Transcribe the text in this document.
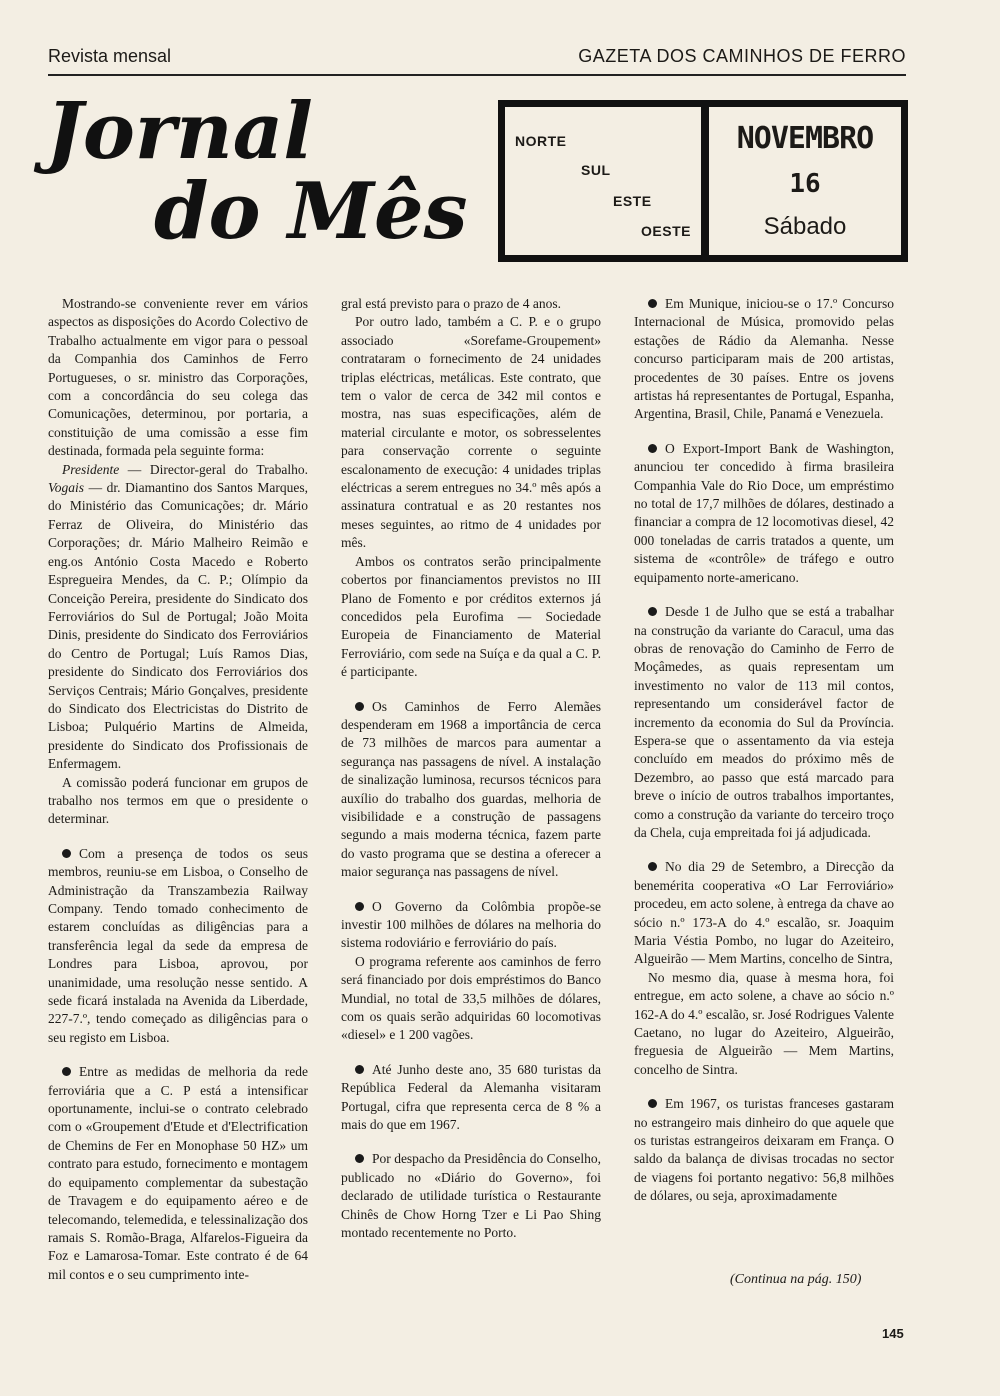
Revista mensal	GAZETA DOS CAMINHOS DE FERRO
Jornal
do Mês
NORTE
SUL
ESTE
OESTE
NOVEMBRO
16
Sábado

Mostrando-se conveniente rever em vários aspectos as disposições do Acordo Colectivo de Trabalho actualmente em vigor para o pessoal da Companhia dos Caminhos de Ferro Portugueses, o sr. ministro das Corporações, com a concordância do seu colega das Comunicações, determinou, por portaria, a constituição de uma comissão a esse fim destinada, formada pela seguinte forma:

Presidente — Director-geral do Trabalho. Vogais — dr. Diamantino dos Santos Marques, do Ministério das Comunicações; dr. Mário Ferraz de Oliveira, do Ministério das Corporações; dr. Mário Malheiro Reimão e eng.os António Costa Macedo e Roberto Espregueira Mendes, da C. P.; Olímpio da Conceição Pereira, presidente do Sindicato dos Ferroviários do Sul de Portugal; João Moita Dinis, presidente do Sindicato dos Ferroviários do Centro de Portugal; Luís Ramos Dias, presidente do Sindicato dos Ferroviários dos Serviços Centrais; Mário Gonçalves, presidente do Sindicato dos Electricistas do Distrito de Lisboa; Pulquério Martins de Almeida, presidente do Sindicato dos Profissionais de Enfermagem.

A comissão poderá funcionar em grupos de trabalho nos termos em que o presidente o determinar.

Com a presença de todos os seus membros, reuniu-se em Lisboa, o Conselho de Administração da Transzambezia Railway Company. Tendo tomado conhecimento de estarem concluídas as diligências para a transferência legal da sede da empresa de Londres para Lisboa, aprovou, por unanimidade, uma resolução nesse sentido. A sede ficará instalada na Avenida da Liberdade, 227-7.º, tendo começado as diligências para o seu registo em Lisboa.

Entre as medidas de melhoria da rede ferroviária que a C. P está a intensificar oportunamente, inclui-se o contrato celebrado com o «Groupement d'Etude et d'Electrification de Chemins de Fer en Monophase 50 HZ» um contrato para estudo, fornecimento e montagem do equipamento complementar da subestação de Travagem e do equipamento aéreo e de telecomando, telemedida, e telessinalização dos ramais S. Romão-Braga, Alfarelos-Figueira da Foz e Lamarosa-Tomar. Este contrato é de 64 mil contos e o seu cumprimento inte-

gral está previsto para o prazo de 4 anos.

Por outro lado, também a C. P. e o grupo associado «Sorefame-Groupement» contrataram o fornecimento de 24 unidades triplas eléctricas, metálicas. Este contrato, que tem o valor de cerca de 342 mil contos e mostra, nas suas especificações, além de material circulante e motor, os sobresselentes para conservação corrente o seguinte escalonamento de execução: 4 unidades triplas eléctricas a serem entregues no 34.º mês após a assinatura contratual e as 20 restantes nos meses seguintes, ao ritmo de 4 unidades por mês.

Ambos os contratos serão principalmente cobertos por financiamentos previstos no III Plano de Fomento e por créditos externos já concedidos pela Eurofima — Sociedade Europeia de Financiamento de Material Ferroviário, com sede na Suíça e da qual a C. P. é participante.

Os Caminhos de Ferro Alemães despenderam em 1968 a importância de cerca de 73 milhões de marcos para aumentar a segurança nas passagens de nível. A instalação de sinalização luminosa, recursos técnicos para auxílio do trabalho dos guardas, melhoria de visibilidade e a construção de passagens segundo a mais moderna técnica, fazem parte do vasto programa que se destina a oferecer a maior segurança nas passagens de nível.

O Governo da Colômbia propõe-se investir 100 milhões de dólares na melhoria do sistema rodoviário e ferroviário do país.

O programa referente aos caminhos de ferro será financiado por dois empréstimos do Banco Mundial, no total de 33,5 milhões de dólares, com os quais serão adquiridas 60 locomotivas «diesel» e 1 200 vagões.

Até Junho deste ano, 35 680 turistas da República Federal da Alemanha visitaram Portugal, cifra que representa cerca de 8 % a mais do que em 1967.

Por despacho da Presidência do Conselho, publicado no «Diário do Governo», foi declarado de utilidade turística o Restaurante Chinês de Chow Horng Tzer e Li Pao Shing montado recentemente no Porto.

Em Munique, iniciou-se o 17.º Concurso Internacional de Música, promovido pelas estações de Rádio da Alemanha. Nesse concurso participaram mais de 200 artistas, procedentes de 30 países. Entre os jovens artistas há representantes de Portugal, Espanha, Argentina, Brasil, Chile, Panamá e Venezuela.

O Export-Import Bank de Washington, anunciou ter concedido à firma brasileira Companhia Vale do Rio Doce, um empréstimo no total de 17,7 milhões de dólares, destinado a financiar a compra de 12 locomotivas diesel, 42 000 toneladas de carris tratados a quente, um sistema de «contrôle» de tráfego e outro equipamento norte-americano.

Desde 1 de Julho que se está a trabalhar na construção da variante do Caracul, uma das obras de renovação do Caminho de Ferro de Moçâmedes, as quais representam um investimento no valor de 113 mil contos, representando um considerável factor de incremento da economia do Sul da Província. Espera-se que o assentamento da via esteja concluído em meados do próximo mês de Dezembro, ao passo que está marcado para breve o início de outros trabalhos importantes, como a construção da variante do terceiro troço da Chela, cuja empreitada foi já adjudicada.

No dia 29 de Setembro, a Direcção da benemérita cooperativa «O Lar Ferroviário» procedeu, em acto solene, à entrega da chave ao sócio n.º 173-A do 4.º escalão, sr. Joaquim Maria Véstia Pombo, no lugar do Azeiteiro, Algueirão — Mem Martins, concelho de Sintra,

No mesmo dia, quase à mesma hora, foi entregue, em acto solene, a chave ao sócio n.º 162-A do 4.º escalão, sr. José Rodrigues Valente Caetano, no lugar do Azeiteiro, Algueirão, freguesia de Algueirão — Mem Martins, concelho de Sintra.

Em 1967, os turistas franceses gastaram no estrangeiro mais dinheiro do que aquele que os turistas estrangeiros deixaram em França. O saldo da balança de divisas trocadas no sector de viagens foi portanto negativo: 56,8 milhões de dólares, ou seja, aproximadamente

(Continua na pág. 150)
145
